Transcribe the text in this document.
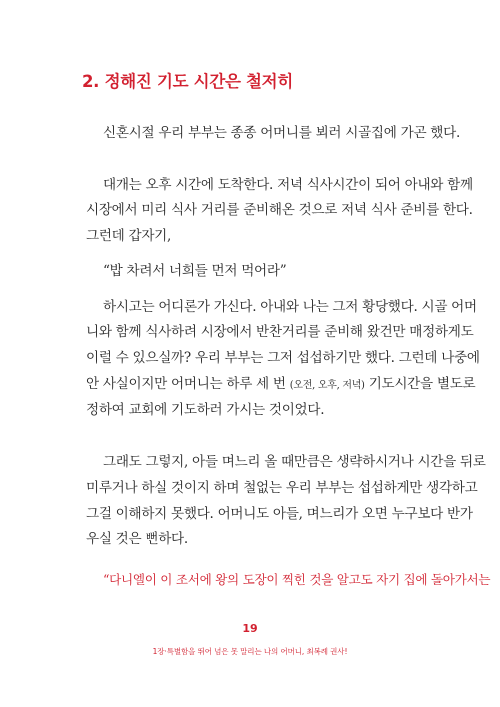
2. 정해진 기도 시간은 철저히
신혼시절 우리 부부는 종종 어머니를 뵈러 시골집에 가곤 했다.
대개는 오후 시간에 도착한다. 저녁 식사시간이 되어 아내와 함께
시장에서 미리 식사 거리를 준비해온 것으로 저녁 식사 준비를 한다.
그런데 갑자기,
“밥 차려서 너희들 먼저 먹어라”
하시고는 어디론가 가신다. 아내와 나는 그저 황당했다. 시골 어머
니와 함께 식사하려 시장에서 반찬거리를 준비해 왔건만 매정하게도
이럴 수 있으실까? 우리 부부는 그저 섭섭하기만 했다. 그런데 나중에
안 사실이지만 어머니는 하루 세 번 (오전, 오후, 저녁) 기도시간을 별도로
정하여 교회에 기도하러 가시는 것이었다.
그래도 그렇지, 아들 며느리 올 때만큼은 생략하시거나 시간을 뒤로
미루거나 하실 것이지 하며 철없는 우리 부부는 섭섭하게만 생각하고
그걸 이해하지 못했다. 어머니도 아들, 며느리가 오면 누구보다 반가
우실 것은 뻔하다.
“다니엘이 이 조서에 왕의 도장이 찍힌 것을 알고도 자기 집에 돌아가서는
19
1장·특별함을 뛰어 넘은 못 말리는 나의 어머니, 최복례 권사!
